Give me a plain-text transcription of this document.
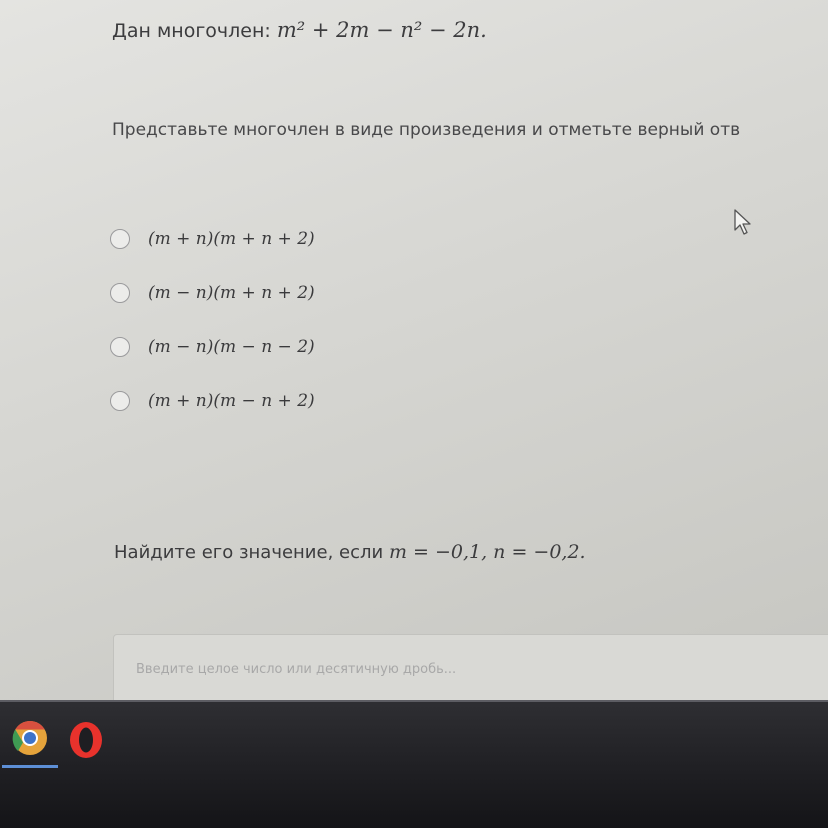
Дан многочлен: m² + 2m − n² − 2n.
Представьте многочлен в виде произведения и отметьте верный отв
(m + n)(m + n + 2)
(m − n)(m + n + 2)
(m − n)(m − n − 2)
(m + n)(m − n + 2)
Найдите его значение, если m = −0,1, n = −0,2.
Введите целое число или десятичную дробь...
